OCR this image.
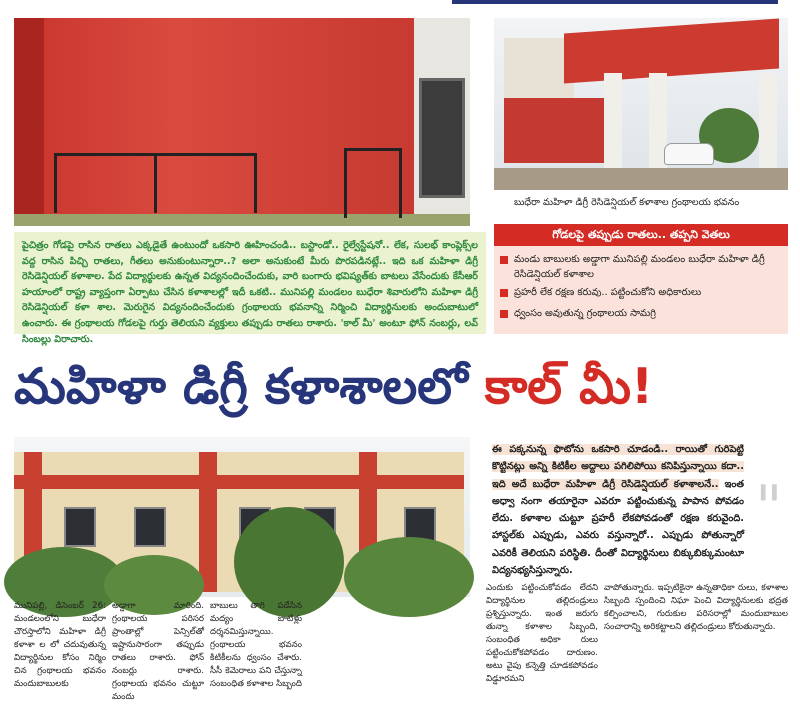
బుధేరా మహిళా డిగ్రీ రెసిడెన్షియల్ కళాశాల గ్రంథాలయ భవనం

పైచిత్రం గోడపై రాసిన రాతలు ఎక్కడైతే ఉంటుందో ఒకసారి ఊహించండి.. బస్టాండో.. రైల్వేస్టేషనో.. లేక, సులభ్ కాంప్లెక్స్‌ల వద్ద రాసిన పిచ్చి రాతలు, గీతలు అనుకుంటున్నారా..? అలా అనుకుంటే మీరు పొరపడినట్లే.. ఇది ఒక మహిళా డిగ్రీ రెసిడెన్షియల్ కళాశాల. పేద విద్యార్థులకు ఉన్నత విద్యనందించేందుకు, వారి బంగారు భవిష్యత్‌కు బాటలు వేసేందుకు కేసీఆర్ హయాంలో రాష్ట్ర వ్యాప్తంగా ఏర్పాటు చేసిన కళాశాలల్లో ఇదీ ఒకటి.. మునిపల్లి మండలం బుధేరా శివారులోని మహిళా డిగ్రీ రెసిడెన్షియల్ కళా శాల. మెరుగైన విద్యనందించేందుకు గ్రంథాలయ భవనాన్ని నిర్మించి విద్యార్థినులకు అందుబాటులో ఉంచారు. ఈ గ్రంథాలయ గోడలపై గుర్తు తెలియని వ్యక్తులు తప్పుడు రాతలు రాశారు. 'కాల్ మీ' అంటూ ఫోన్ నంబర్లు, లవ్ సింబల్లు విరాచారు.

గోడలపై తప్పుడు రాతలు.. తప్పని వెతలు
మండు బాబులకు అడ్డాగా మునిపల్లి మండలం బుధేరా మహిళా డిగ్రీ రెసిడెన్షియల్ కళాశాల
ప్రహరీ లేక రక్షణ కరువు.. పట్టించుకోని అధికారులు
ధ్వంసం అవుతున్న గ్రంథాలయ సామగ్రి
మహిళా డిగ్రీ కళాశాలలో కాల్ మీ!

ఈ పక్కనున్న ఫొటోను ఒకసారి చూడండి.. రాయితో గురిపెట్టి కొట్టినట్లు అన్ని కిటికీల అద్దాలు పగిలిపోయి కనిపిస్తున్నాయి కదా.. ఇది అదే బుధేరా మహిళా డిగ్రీ రెసిడెన్షియల్ కళాశాలనే.. ఇంత అధ్వా నంగా తయారైనా ఎవరూ పట్టించుకున్న పాపాన పోవడం లేదు. కళాశాల చుట్టూ ప్రహరీ లేకపోవడంతో రక్షణ కరువైంది. హాస్టల్‌కు ఎప్పుడు, ఎవరు వస్తున్నారో.. ఎప్పుడు పోతున్నారో ఎవరికీ తెలియని పరిస్థితి. దీంతో విద్యార్థినులు బిక్కుబిక్కుమంటూ విద్యనభ్యసిస్తున్నారు.

"
మునిపల్లి, డిసెంబర్ 26: మండలంలోని బుధేరా చౌరస్తాలోని మహిళా డిగ్రీ కళాశా ల లో చదువుతున్న విద్యార్థినుల కోసం నిర్మిం చిన గ్రంథాలయ భవనం మందుబాబులకు
అడ్డాగా మారింది. గ్రంథాలయ పరిసర ప్రాంతాల్లో పెన్సిల్‌తో ఇష్టానుసారంగా తప్పుడు రాతలు రాశారు. ఫోన్ నంబర్లు రాశారు. గ్రంథాలయ భవనం చుట్టూ మందు
బాబులు తాగి పడేసిన మద్యం బాటిళ్లు దర్శనమిస్తున్నాయి. గ్రంథాలయ భవనం కిటికీలను ధ్వంసం చేశారు. సీసీ కెమెరాలు పని చేస్తున్నా సంబంధిత కళాశాల సిబ్బంది
ఎందుకు పట్టించుకోవడం లేదని విద్యార్థినుల తల్లిదండ్రులు ప్రశ్నిస్తున్నారు. ఇంత జరుగు తున్నా కళాశాల సిబ్బంది, సంబంధిత అధికా రులు పట్టించుకోకపోవడం దారుణం. అటు వైపు కన్నెత్తి చూడకపోవడం విడ్డూరమని
వాపోతున్నారు. ఇప్పటికైనా ఉన్నతాధికా రులు, కళాశాల సిబ్బంది స్పందించి నిఘా పెంచి విద్యార్థినులకు భద్రత కల్పించాలని, గురుకుల పరిసరాల్లో మందుబాబుల సంచారాన్ని అరికట్టాలని తల్లిదండ్రులు కోరుతున్నారు.
